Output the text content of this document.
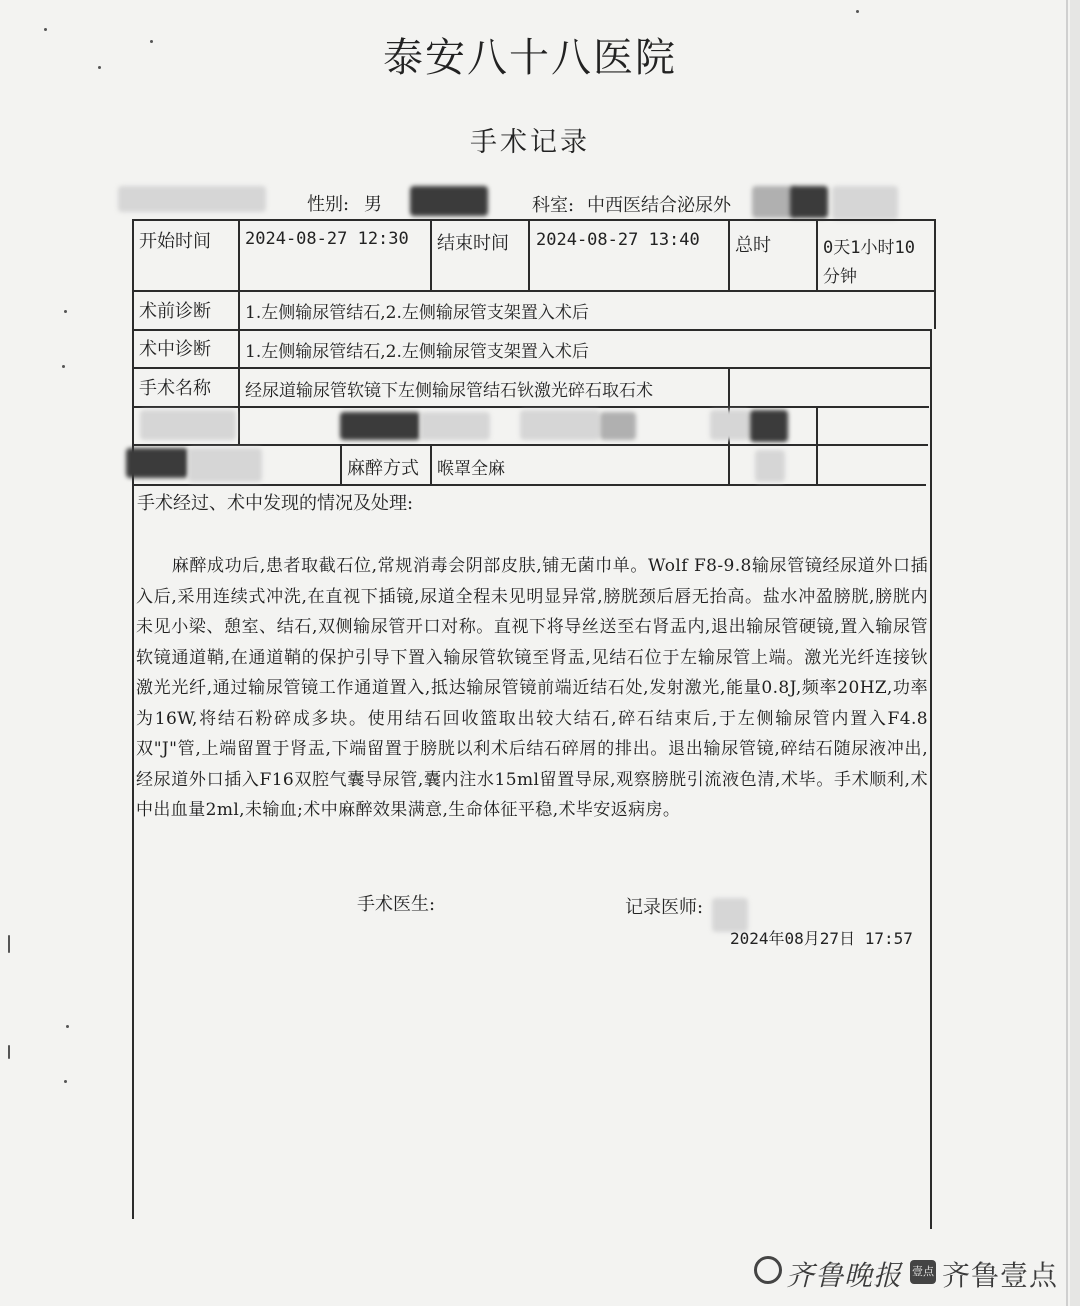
泰安八十八医院
手术记录
性别: 男	科室: 中西医结合泌尿外
开始时间 2024-08-27 12:30 结束时间 2024-08-27 13:40 总时	0天1小时10
分钟
术前诊断 1.左侧输尿管结石,2.左侧输尿管支架置入术后
术中诊断 1.左侧输尿管结石,2.左侧输尿管支架置入术后
手术名称 经尿道输尿管软镜下左侧输尿管结石钬激光碎石取石术
麻醉方式 喉罩全麻
手术经过、术中发现的情况及处理:
麻醉成功后,患者取截石位,常规消毒会阴部皮肤,铺无菌巾单。Wolf F8-9.8输尿管镜经尿道外口插入后,采用连续式冲洗,在直视下插镜,尿道全程未见明显异常,膀胱颈后唇无抬高。盐水冲盈膀胱,膀胱内未见小梁、憩室、结石,双侧输尿管开口对称。直视下将导丝送至右肾盂内,退出输尿管硬镜,置入输尿管软镜通道鞘,在通道鞘的保护引导下置入输尿管软镜至肾盂,见结石位于左输尿管上端。激光光纤连接钬激光光纤,通过输尿管镜工作通道置入,抵达输尿管镜前端近结石处,发射激光,能量0.8J,频率20HZ,功率为16W,将结石粉碎成多块。使用结石回收篮取出较大结石,碎石结束后,于左侧输尿管内置入F4.8双"J"管,上端留置于肾盂,下端留置于膀胱以利术后结石碎屑的排出。退出输尿管镜,碎结石随尿液冲出,经尿道外口插入F16双腔气囊导尿管,囊内注水15ml留置导尿,观察膀胱引流液色清,术毕。手术顺利,术中出血量2ml,未输血;术中麻醉效果满意,生命体征平稳,术毕安返病房。
手术医生:	记录医师:
2024年08月27日 17:57
齐鲁晚报 壹点 齐鲁壹点
